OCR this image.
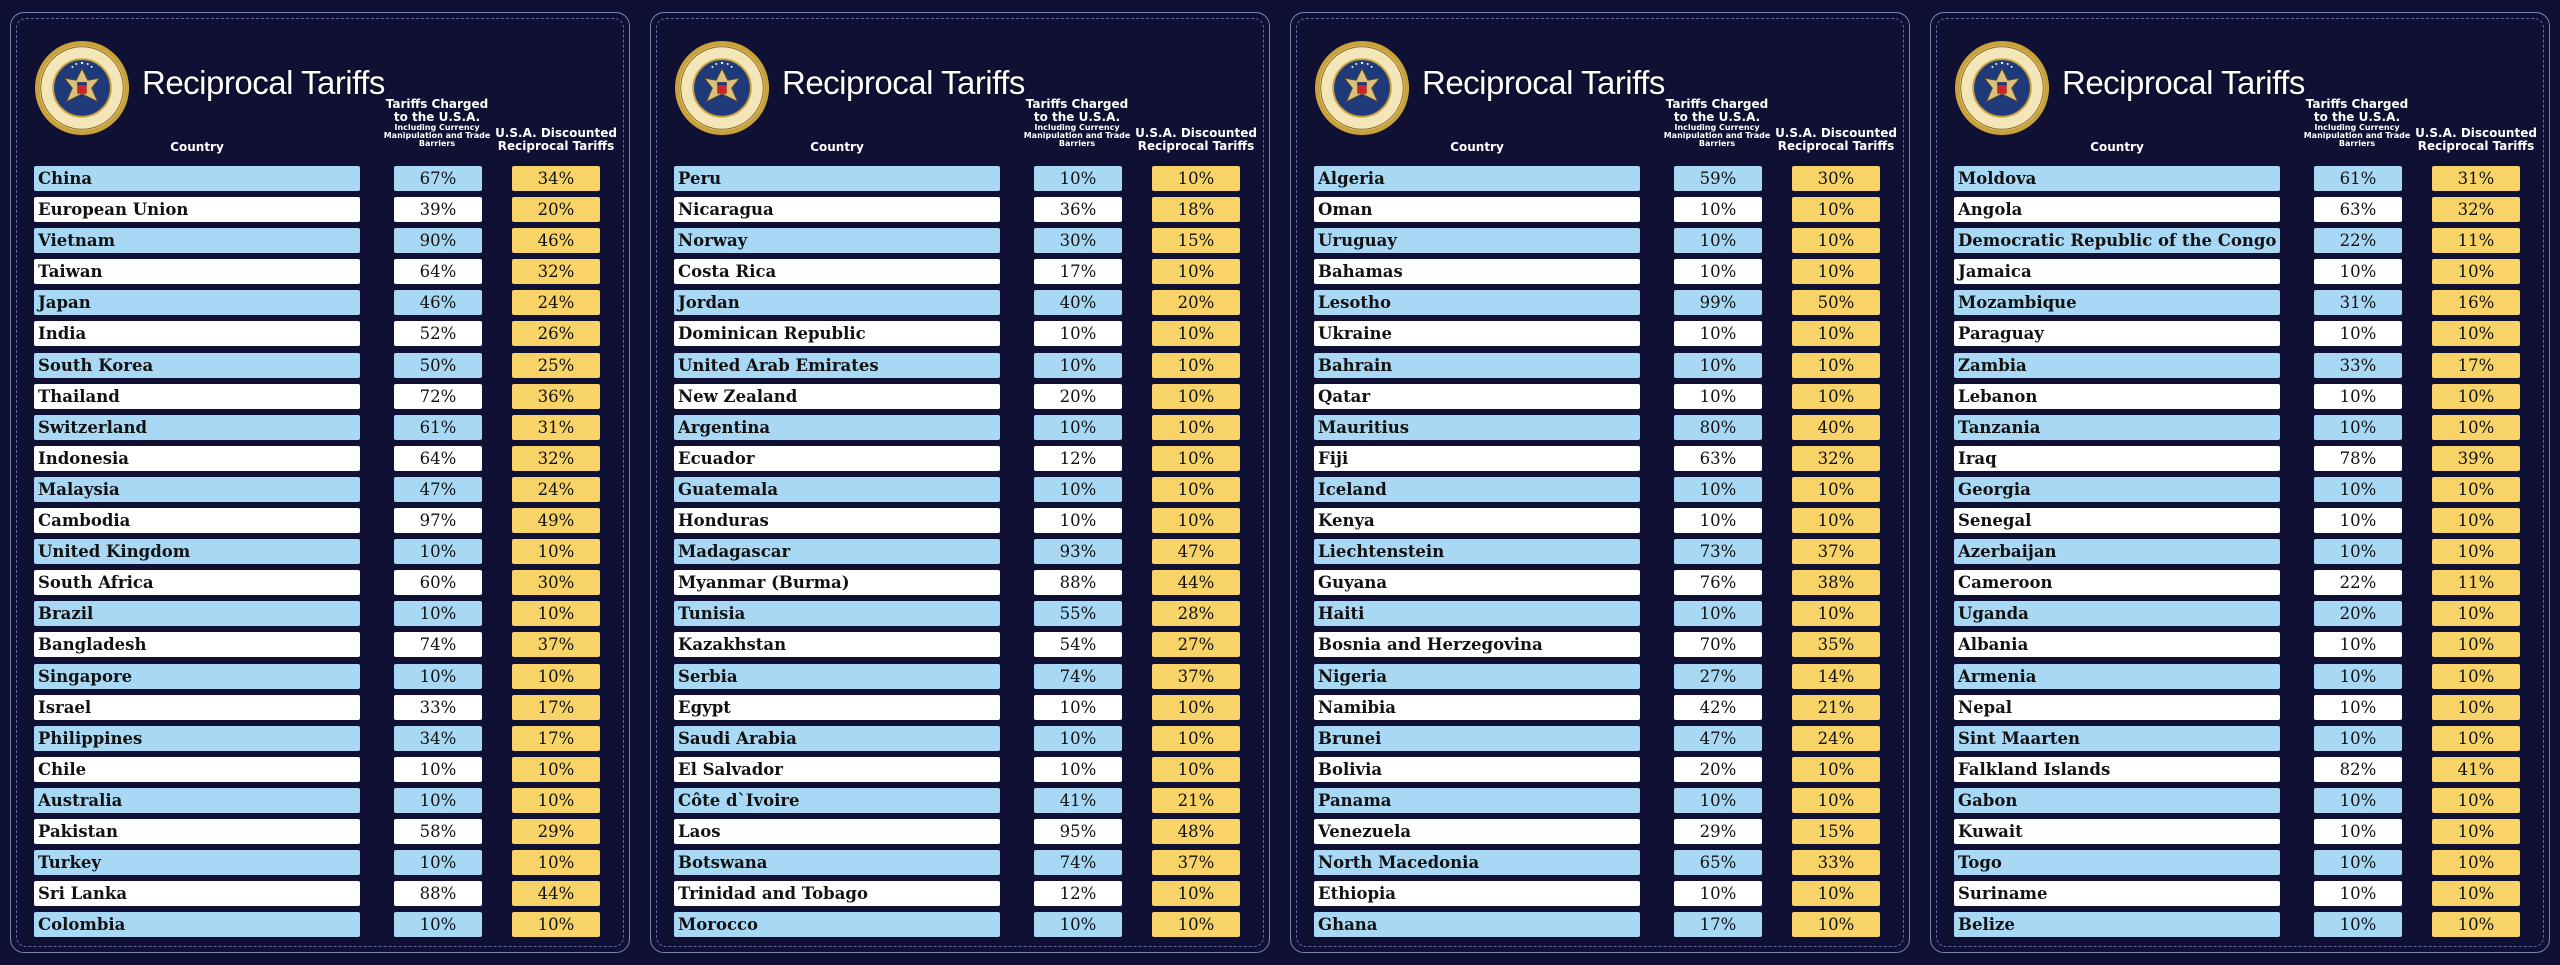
Reciprocal Tariffs
Tariffs Charged to the U.S.A.
Including Currency Manipulation and Trade Barriers
U.S.A. Discounted Reciprocal Tariffs
Country
China	67%	34%
European Union	39%	20%
Vietnam	90%	46%
Taiwan	64%	32%
Japan	46%	24%
India	52%	26%
South Korea	50%	25%
Thailand	72%	36%
Switzerland	61%	31%
Indonesia	64%	32%
Malaysia	47%	24%
Cambodia	97%	49%
United Kingdom	10%	10%
South Africa	60%	30%
Brazil	10%	10%
Bangladesh	74%	37%
Singapore	10%	10%
Israel	33%	17%
Philippines	34%	17%
Chile	10%	10%
Australia	10%	10%
Pakistan	58%	29%
Turkey	10%	10%
Sri Lanka	88%	44%
Colombia	10%	10%
Reciprocal Tariffs
Tariffs Charged to the U.S.A.
Including Currency Manipulation and Trade Barriers
U.S.A. Discounted Reciprocal Tariffs
Country
Peru	10%	10%
Nicaragua	36%	18%
Norway	30%	15%
Costa Rica	17%	10%
Jordan	40%	20%
Dominican Republic	10%	10%
United Arab Emirates	10%	10%
New Zealand	20%	10%
Argentina	10%	10%
Ecuador	12%	10%
Guatemala	10%	10%
Honduras	10%	10%
Madagascar	93%	47%
Myanmar (Burma)	88%	44%
Tunisia	55%	28%
Kazakhstan	54%	27%
Serbia	74%	37%
Egypt	10%	10%
Saudi Arabia	10%	10%
El Salvador	10%	10%
Côte d`Ivoire	41%	21%
Laos	95%	48%
Botswana	74%	37%
Trinidad and Tobago	12%	10%
Morocco	10%	10%
Reciprocal Tariffs
Tariffs Charged to the U.S.A.
Including Currency Manipulation and Trade Barriers
U.S.A. Discounted Reciprocal Tariffs
Country
Algeria	59%	30%
Oman	10%	10%
Uruguay	10%	10%
Bahamas	10%	10%
Lesotho	99%	50%
Ukraine	10%	10%
Bahrain	10%	10%
Qatar	10%	10%
Mauritius	80%	40%
Fiji	63%	32%
Iceland	10%	10%
Kenya	10%	10%
Liechtenstein	73%	37%
Guyana	76%	38%
Haiti	10%	10%
Bosnia and Herzegovina	70%	35%
Nigeria	27%	14%
Namibia	42%	21%
Brunei	47%	24%
Bolivia	20%	10%
Panama	10%	10%
Venezuela	29%	15%
North Macedonia	65%	33%
Ethiopia	10%	10%
Ghana	17%	10%
Reciprocal Tariffs
Tariffs Charged to the U.S.A.
Including Currency Manipulation and Trade Barriers
U.S.A. Discounted Reciprocal Tariffs
Country
Moldova	61%	31%
Angola	63%	32%
Democratic Republic of the Congo	22%	11%
Jamaica	10%	10%
Mozambique	31%	16%
Paraguay	10%	10%
Zambia	33%	17%
Lebanon	10%	10%
Tanzania	10%	10%
Iraq	78%	39%
Georgia	10%	10%
Senegal	10%	10%
Azerbaijan	10%	10%
Cameroon	22%	11%
Uganda	20%	10%
Albania	10%	10%
Armenia	10%	10%
Nepal	10%	10%
Sint Maarten	10%	10%
Falkland Islands	82%	41%
Gabon	10%	10%
Kuwait	10%	10%
Togo	10%	10%
Suriname	10%	10%
Belize	10%	10%
